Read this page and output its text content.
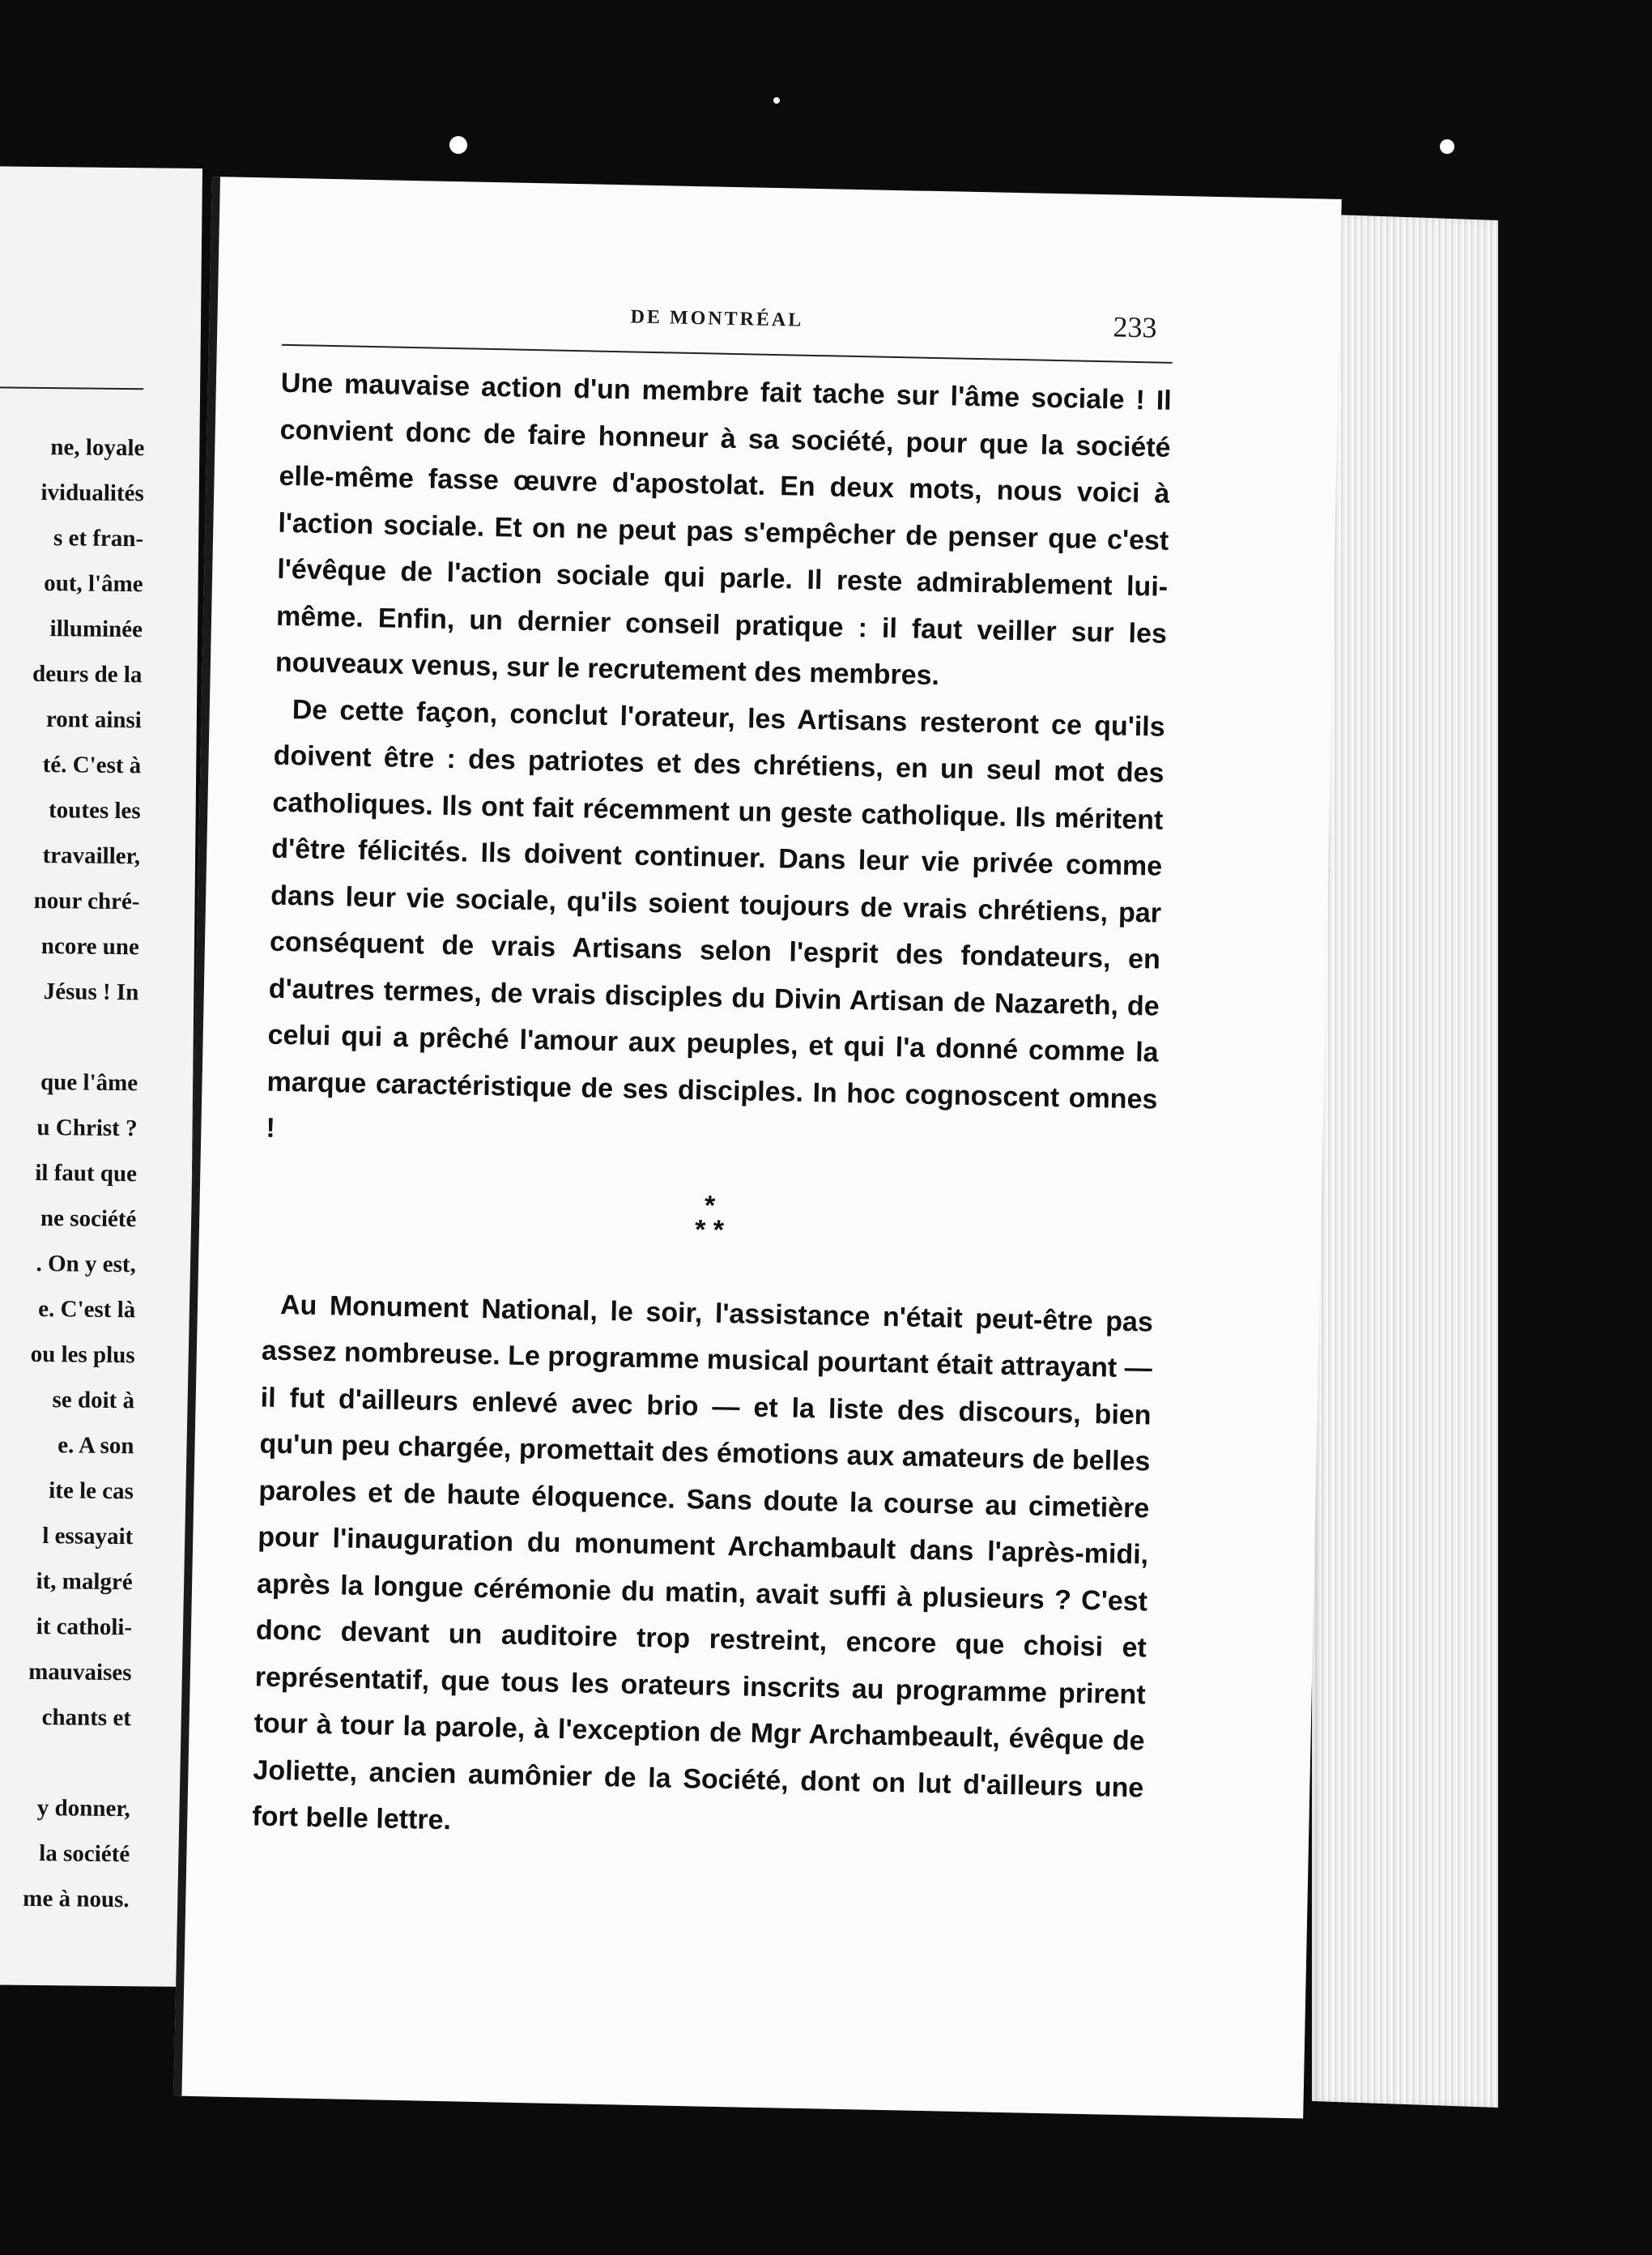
ne, loyale
ividualités
s et fran-
out, l'âme
illuminée
deurs de la
ront ainsi
té. C'est à
toutes les
travailler,
nour chré-
ncore une
Jésus ! In
que l'âme
u Christ ?
il faut que
ne société
. On y est,
e. C'est là
ou les plus
se doit à
e. A son
ite le cas
l essayait
it, malgré
it catholi-
mauvaises
chants et
y donner,
la société
me à nous.
DE MONTRÉAL	233

Une mauvaise action d'un membre fait tache sur l'âme sociale ! Il convient donc de faire honneur à sa société, pour que la société elle-même fasse œuvre d'apostolat. En deux mots, nous voici à l'action sociale. Et on ne peut pas s'empêcher de penser que c'est l'évêque de l'action sociale qui parle. Il reste admirablement lui-même. Enfin, un dernier conseil pratique : il faut veiller sur les nouveaux venus, sur le recrutement des membres.

De cette façon, conclut l'orateur, les Artisans resteront ce qu'ils doivent être : des patriotes et des chrétiens, en un seul mot des catholiques. Ils ont fait récemment un geste catholique. Ils méritent d'être félicités. Ils doivent continuer. Dans leur vie privée comme dans leur vie sociale, qu'ils soient toujours de vrais chrétiens, par conséquent de vrais Artisans selon l'esprit des fondateurs, en d'autres termes, de vrais disciples du Divin Artisan de Nazareth, de celui qui a prêché l'amour aux peuples, et qui l'a donné comme la marque caractéristique de ses disciples. In hoc cognoscent omnes !

*
* *

Au Monument National, le soir, l'assistance n'était peut-être pas assez nombreuse. Le programme musical pourtant était attrayant — il fut d'ailleurs enlevé avec brio — et la liste des discours, bien qu'un peu chargée, promettait des émotions aux amateurs de belles paroles et de haute éloquence. Sans doute la course au cimetière pour l'inauguration du monument Archambault dans l'après-midi, après la longue cérémonie du matin, avait suffi à plusieurs ? C'est donc devant un auditoire trop restreint, encore que choisi et représentatif, que tous les orateurs inscrits au programme prirent tour à tour la parole, à l'exception de Mgr Archambeault, évêque de Joliette, ancien aumônier de la Société, dont on lut d'ailleurs une fort belle lettre.
